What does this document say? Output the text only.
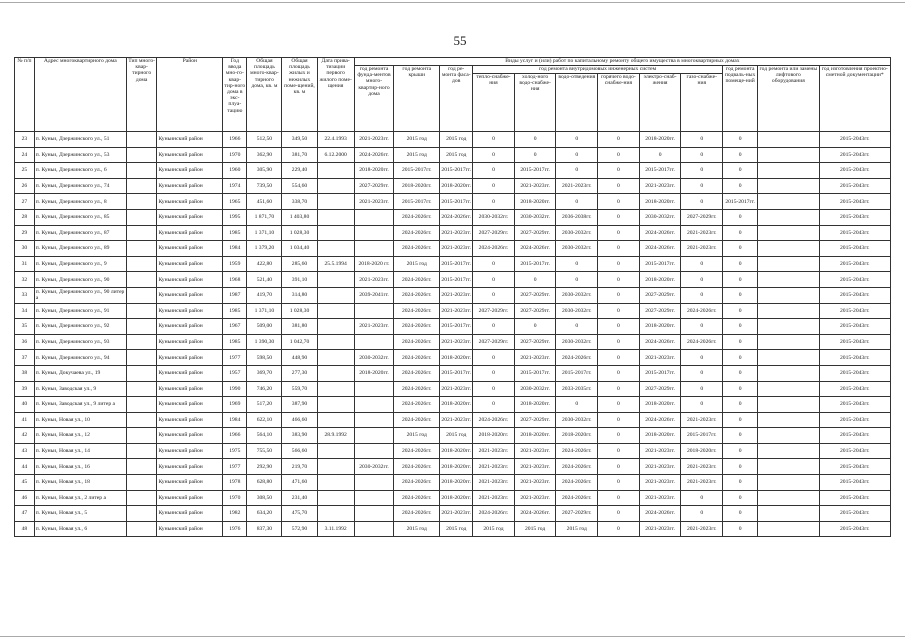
55
№ п/п	Адрес многоквартирного дома	Тип много-квар-тирного дома	Район	Год ввода мно-го-квар-тир-ного дома в экс-плуа-тацию	Общая площадь много-квар-тирного дома, кв. м	Общая площадь жилых и нежилых поме-щений, кв. м	Дата прива-тизации первого жилого поме-щения	Виды услуг и (или) работ по капитальному ремонту общего имущества в многоквартирных домах											
								год ремонта фунда-ментов много-квартир-ного дома	год ремонта крыши	год ре-монта фаса-дов	год ремонта внутридомовых инженерных систем						год ремонта подваль-ных помеще-ний	год ремонта или замены лифтового оборудования	год изготовления проектно-сметной документации*
											тепло-снабже-ния	холод-ного водо-снабже-ния	водо-отведения	горячего водо-снабже-ния	электро-снаб-жения	газо-снабже-ния			
23	п. Куньи, Дзержинского ул., 51		Куньинский район	1966	512,50	349,50	22.4.1993	2021-2023гг.	2015 год	2015 год	0	0	0	0	2018-2020гг.	0	0		2015-2043гг.
24	п. Куньи, Дзержинского ул., 53		Куньинский район	1970	362,90	381,70	6.12.2000	2024-2026гг.	2015 год	2015 год	0	0	0	0	0	0	0		2015-2043гг.
25	п. Куньи, Дзержинского ул., 6		Куньинский район	1960	305,90	229,40		2018-2020гг.	2015-2017гг.	2015-2017гг.	0	2015-2017гг.	0	0	2015-2017гг.	0	0		2015-2043гг.
26	п. Куньи, Дзержинского ул., 74		Куньинский район	1974	739,50	554,60		2027-2029гг.	2018-2020гг.	2018-2020гг.	0	2021-2023гг.	2021-2023гг.	0	2021-2023гг.	0	0		2015-2043гг.
27	п. Куньи, Дзержинского ул., 8		Куньинский район	1965	451,60	338,70		2021-2023гг.	2015-2017гг.	2015-2017гг.	0	2018-2020гг.	0	0	2018-2020гг.	0	2015-2017гг.		2015-2043гг.
28	п. Куньи, Дзержинского ул., 85		Куньинский район	1995	1 871,70	1 403,80			2024-2026гг.	2024-2026гг.	2030-2032гг.	2030-2032гг.	2036-2038гг.	0	2030-2032гг.	2027-2029гг.	0		2015-2043гг.
29	п. Куньи, Дзержинского ул., 87		Куньинский район	1985	1 371,10	1 028,30			2024-2026гг.	2021-2023гг.	2027-2029гг.	2027-2029гг.	2030-2032гг.	0	2024-2026гг.	2021-2023гг.	0		2015-2043гг.
30	п. Куньи, Дзержинского ул., 89		Куньинский район	1984	1 379,20	1 034,40			2024-2026гг.	2021-2023гг.	2024-2026гг.	2024-2026гг.	2030-2032гг.	0	2024-2026гг.	2021-2023гг.	0		2015-2043гг.
31	п. Куньи, Дзержинского ул., 9		Куньинский район	1959	422,80	285,60	25.5.1994	2018-2020 гг.	2015 год	2015-2017гг.	0	2015-2017гг.	0	0	2015-2017гг.	0	0		2015-2043гг.
32	п. Куньи, Дзержинского ул., 90		Куньинский район	1968	521,40	391,10		2021-2023гг.	2024-2026гг.	2015-2017гг.	0	0	0	0	2018-2020гг.	0	0		2015-2043гг.
33	п. Куньи, Дзержинского ул., 90 литер а		Куньинский район	1987	419,70	314,80		2039-2041гг.	2024-2026гг.	2021-2023гг.	0	2027-2029гг.	2030-2032гг.	0	2027-2029гг.	0	0		2015-2043гг.
34	п. Куньи, Дзержинского ул., 91		Куньинский район	1985	1 371,10	1 028,30			2024-2026гг.	2021-2023гг.	2027-2029гг.	2027-2029гг.	2030-2032гг.	0	2027-2029гг.	2024-2026гг.	0		2015-2043гг.
35	п. Куньи, Дзержинского ул., 92		Куньинский район	1967	509,00	381,80		2021-2023гг.	2024-2026гг.	2015-2017гг.	0	0	0	0	2018-2020гг.	0	0		2015-2043гг.
36	п. Куньи, Дзержинского ул., 93		Куньинский район	1985	1 390,30	1 042,70			2024-2026гг.	2021-2023гг.	2027-2029гг.	2027-2029гг.	2030-2032гг.	0	2024-2026гг.	2024-2026гг.	0		2015-2043гг.
37	п. Куньи, Дзержинского ул., 94		Куньинский район	1977	598,50	448,90		2030-2032гг.	2024-2026гг.	2018-2020гг.	0	2021-2023гг.	2024-2026гг.	0	2021-2023гг.	0	0		2015-2043гг.
38	п. Куньи, Докучаева ул., 19		Куньинский район	1957	369,70	277,30		2018-2020гг.	2024-2026гг.	2015-2017гг.	0	2015-2017гг.	2015-2017гг.	0	2015-2017гг.	0	0		2015-2043гг.
39	п. Куньи, Заводская ул., 9		Куньинский район	1990	746,20	559,70			2024-2026гг.	2021-2023гг.	0	2030-2032гг.	2033-2035гг.	0	2027-2029гг.	0	0		2015-2043гг.
40	п. Куньи, Заводская ул., 9 литер а		Куньинский район	1969	517,20	387,90			2024-2026гг.	2018-2020гг.	0	2018-2020гг.	0	0	2018-2020гг.	0	0		2015-2043гг.
41	п. Куньи, Новая ул., 10		Куньинский район	1984	622,10	466,60			2024-2026гг.	2021-2023гг.	2024-2026гг.	2027-2029гг.	2030-2032гг.	0	2024-2026гг.	2021-2023гг.	0		2015-2043гг.
42	п. Куньи, Новая ул., 12		Куньинский район	1966	564,10	383,90	28.9.1992		2015 год	2015 год	2018-2020гг.	2018-2020гг.	2018-2020гг.	0	2018-2020гг.	2015-2017гг.	0		2015-2043гг.
43	п. Куньи, Новая ул., 14		Куньинский район	1975	755,50	566,60			2024-2026гг.	2018-2020гг.	2021-2023гг.	2021-2023гг.	2024-2026гг.	0	2021-2023гг.	2018-2020гг.	0		2015-2043гг.
44	п. Куньи, Новая ул., 16		Куньинский район	1977	292,90	219,70		2030-2032гг.	2024-2026гг.	2018-2020гг.	2021-2023гг.	2021-2023гг.	2024-2026гг.	0	2021-2023гг.	2021-2023гг.	0		2015-2043гг.
45	п. Куньи, Новая ул., 18		Куньинский район	1978	628,80	471,60			2024-2026гг.	2018-2020гг.	2021-2023гг.	2021-2023гг.	2024-2026гг.	0	2021-2023гг.	2021-2023гг.	0		2015-2043гг.
46	п. Куньи, Новая ул., 2 литер а		Куньинский район	1970	308,50	231,40			2024-2026гг.	2018-2020гг.	2021-2023гг.	2021-2023гг.	2024-2026гг.	0	2021-2023гг.	0	0		2015-2043гг.
47	п. Куньи, Новая ул., 5		Куньинский район	1982	634,20	475,70			2024-2026гг.	2021-2023гг.	2024-2026гг.	2024-2026гг.	2027-2029гг.	0	2024-2026гг.	0	0		2015-2043гг.
48	п. Куньи, Новая ул., 6		Куньинский район	1976	837,30	572,90	3.11.1992		2015 год	2015 год	2015 год	2015 год	2015 год	0	2021-2023гг.	2021-2023гг.	0		2015-2043гг.
